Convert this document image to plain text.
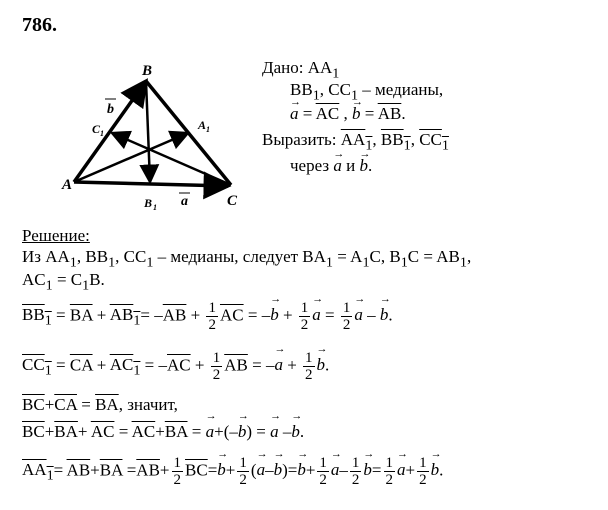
786.
A
B
C
A 1
C 1
B 1
b
a
Дано: $AA_1$
$BB_1$, $CC_1$ – медианы,
→ $a = \overline{AC}$ , → $b = \overline{AB}$.
Выразить: $AA_1$, $BB_1$, $CC_1$
через → a и → b.
Решение:
Из $AA_1$, $BB_1$, $CC_1$ – медианы, следует $BA_1 = A_1C$, $B_1C = AB_1$,
$AC_1 = C_1B$.
$BB_1 = \overline{BA} + AB_1= -\overline{AB} + \frac{1}{2} \overline{AC}$ = –→ $b + \frac{1}{2} \to a = \frac{1}{2} \to a$ – → b.
$CC_1 = \overline{CA} + AC_1 = -\overline{AC} + \frac{1}{2} \overline{AB}$ = –→ $a + \frac{1}{2} \to b$.
$\overline{BC}+\overline{CA} = \overline{BA}$, значит,
$\overline{BC}+\overline{BA}+ \overline{AC} = \overline{AC}+\overline{BA}$ = → a+(–→ b) = → a –→ b.
$AA_1= \overline{AB}+\overline{BA} =\overline{AB}+ \frac{1}{2} \overline{BC}=\to b+ \frac{1}{2}$ (→ $a-\to b)=\to b+ \frac{1}{2} \to a- \frac{1}{2} \to b= \frac{1}{2} \to a+ \frac{1}{2} \to b$.
